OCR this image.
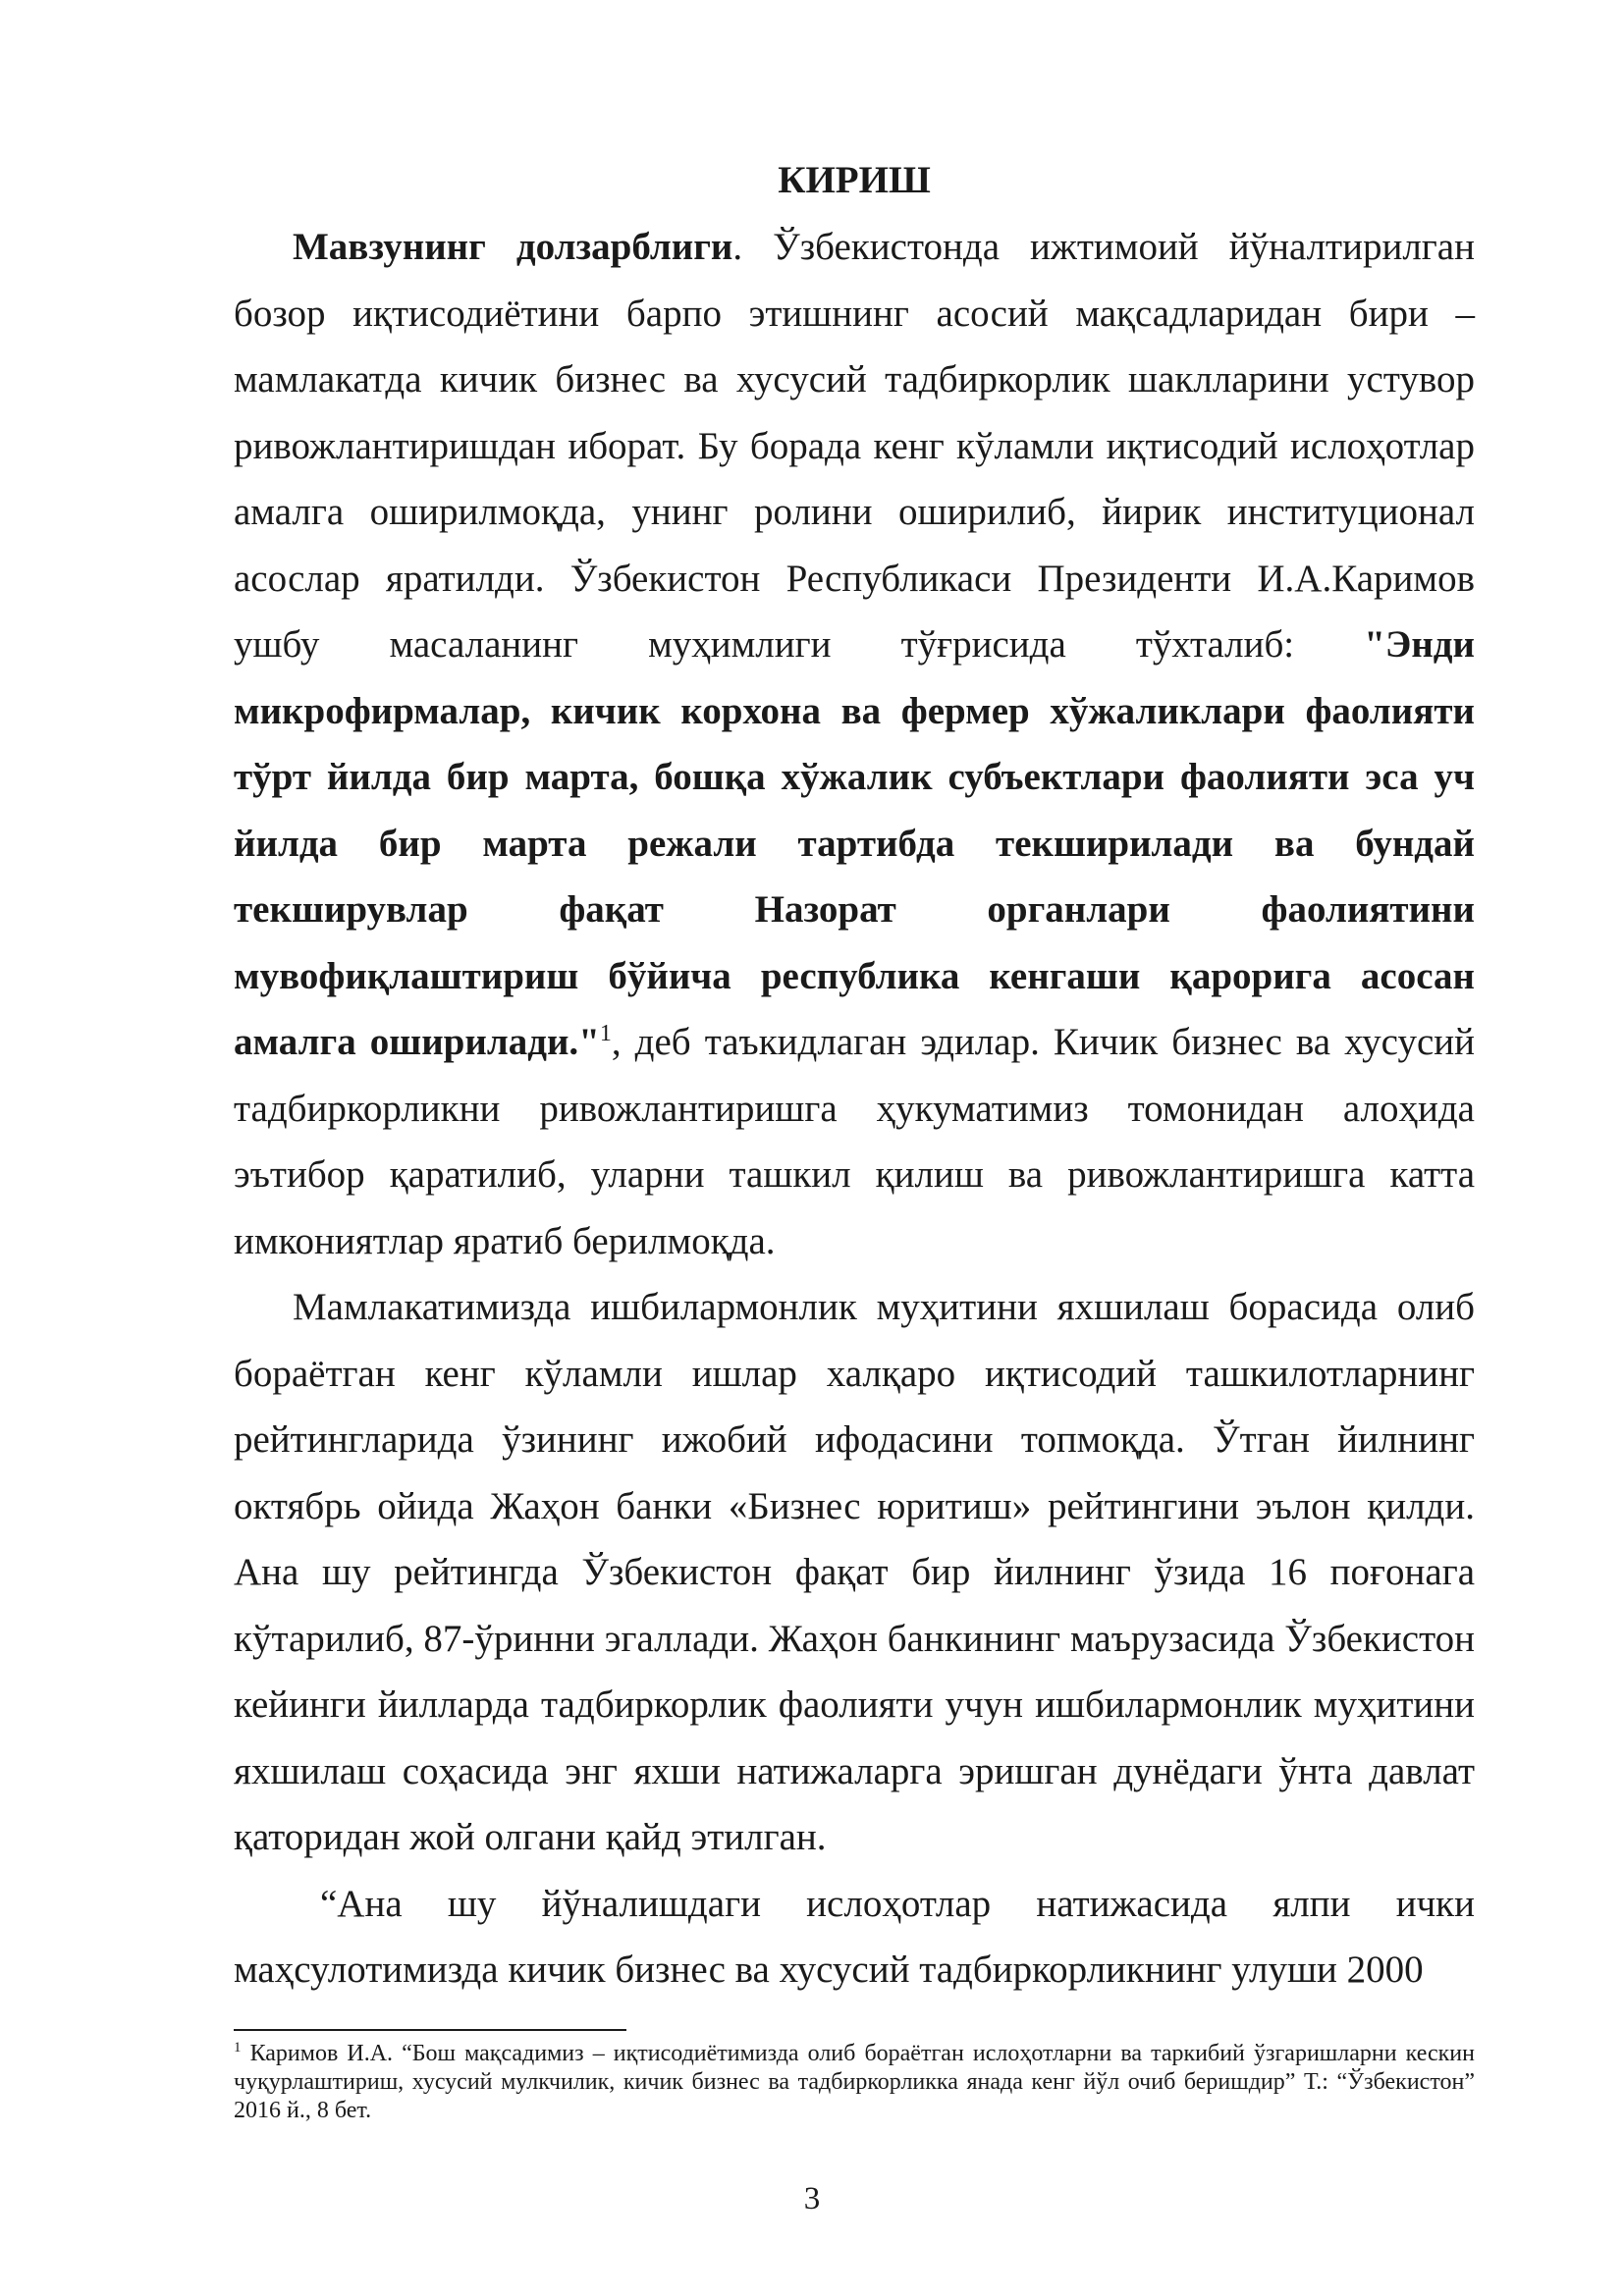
КИРИШ

Мавзунинг долзарблиги. Ўзбекистонда ижтимоий йўналтирилган бозор иқтисодиётини барпо этишнинг асосий мақсадларидан бири – мамлакатда кичик бизнес ва хусусий тадбиркорлик шаклларини устувор ривожлантиришдан иборат. Бу борада кенг кўламли иқтисодий ислоҳотлар амалга оширилмоқда, унинг ролини оширилиб, йирик институционал асослар яратилди. Ўзбекистон Республикаси Президенти И.А.Каримов ушбу масаланинг муҳимлиги тўғрисида тўхталиб: "Энди микрофирмалар, кичик корхона ва фермер хўжаликлари фаолияти тўрт йилда бир марта, бошқа хўжалик субъектлари фаолияти эса уч йилда бир марта режали тартибда текширилади ва бундай текширувлар фақат Назорат органлари фаолиятини мувофиқлаштириш бўйича республика кенгаши қарорига асосан амалга оширилади."$^1$, деб таъкидлаган эдилар. Кичик бизнес ва хусусий тадбиркорликни ривожлантиришга ҳукуматимиз томонидан алоҳида эътибор қаратилиб, уларни ташкил қилиш ва ривожлантиришга катта имкониятлар яратиб берилмоқда.

Мамлакатимизда ишбилармонлик муҳитини яхшилаш борасида олиб бораётган кенг кўламли ишлар халқаро иқтисодий ташкилотларнинг рейтингларида ўзининг ижобий ифодасини топмоқда. Ўтган йилнинг октябрь ойида Жаҳон банки «Бизнес юритиш» рейтингини эълон қилди. Ана шу рейтингда Ўзбекистон фақат бир йилнинг ўзида 16 поғонага кўтарилиб, 87-ўринни эгаллади. Жаҳон банкининг маърузасида Ўзбекистон кейинги йилларда тадбиркорлик фаолияти учун ишбилармонлик муҳитини яхшилаш соҳасида энг яхши натижаларга эришган дунёдаги ўнта давлат қаторидан жой олгани қайд этилган.

“Ана шу йўналишдаги ислоҳотлар натижасида ялпи ички маҳсулотимизда кичик бизнес ва хусусий тадбиркорликнинг улуши 2000

$^1$ Каримов И.А. “Бош мақсадимиз – иқтисодиётимизда олиб бораётган ислоҳотларни ва таркибий ўзгаришларни кескин чуқурлаштириш, хусусий мулкчилик, кичик бизнес ва тадбиркорликка янада кенг йўл очиб беришдир” Т.: “Ўзбекистон” 2016 й., 8 бет.

3
